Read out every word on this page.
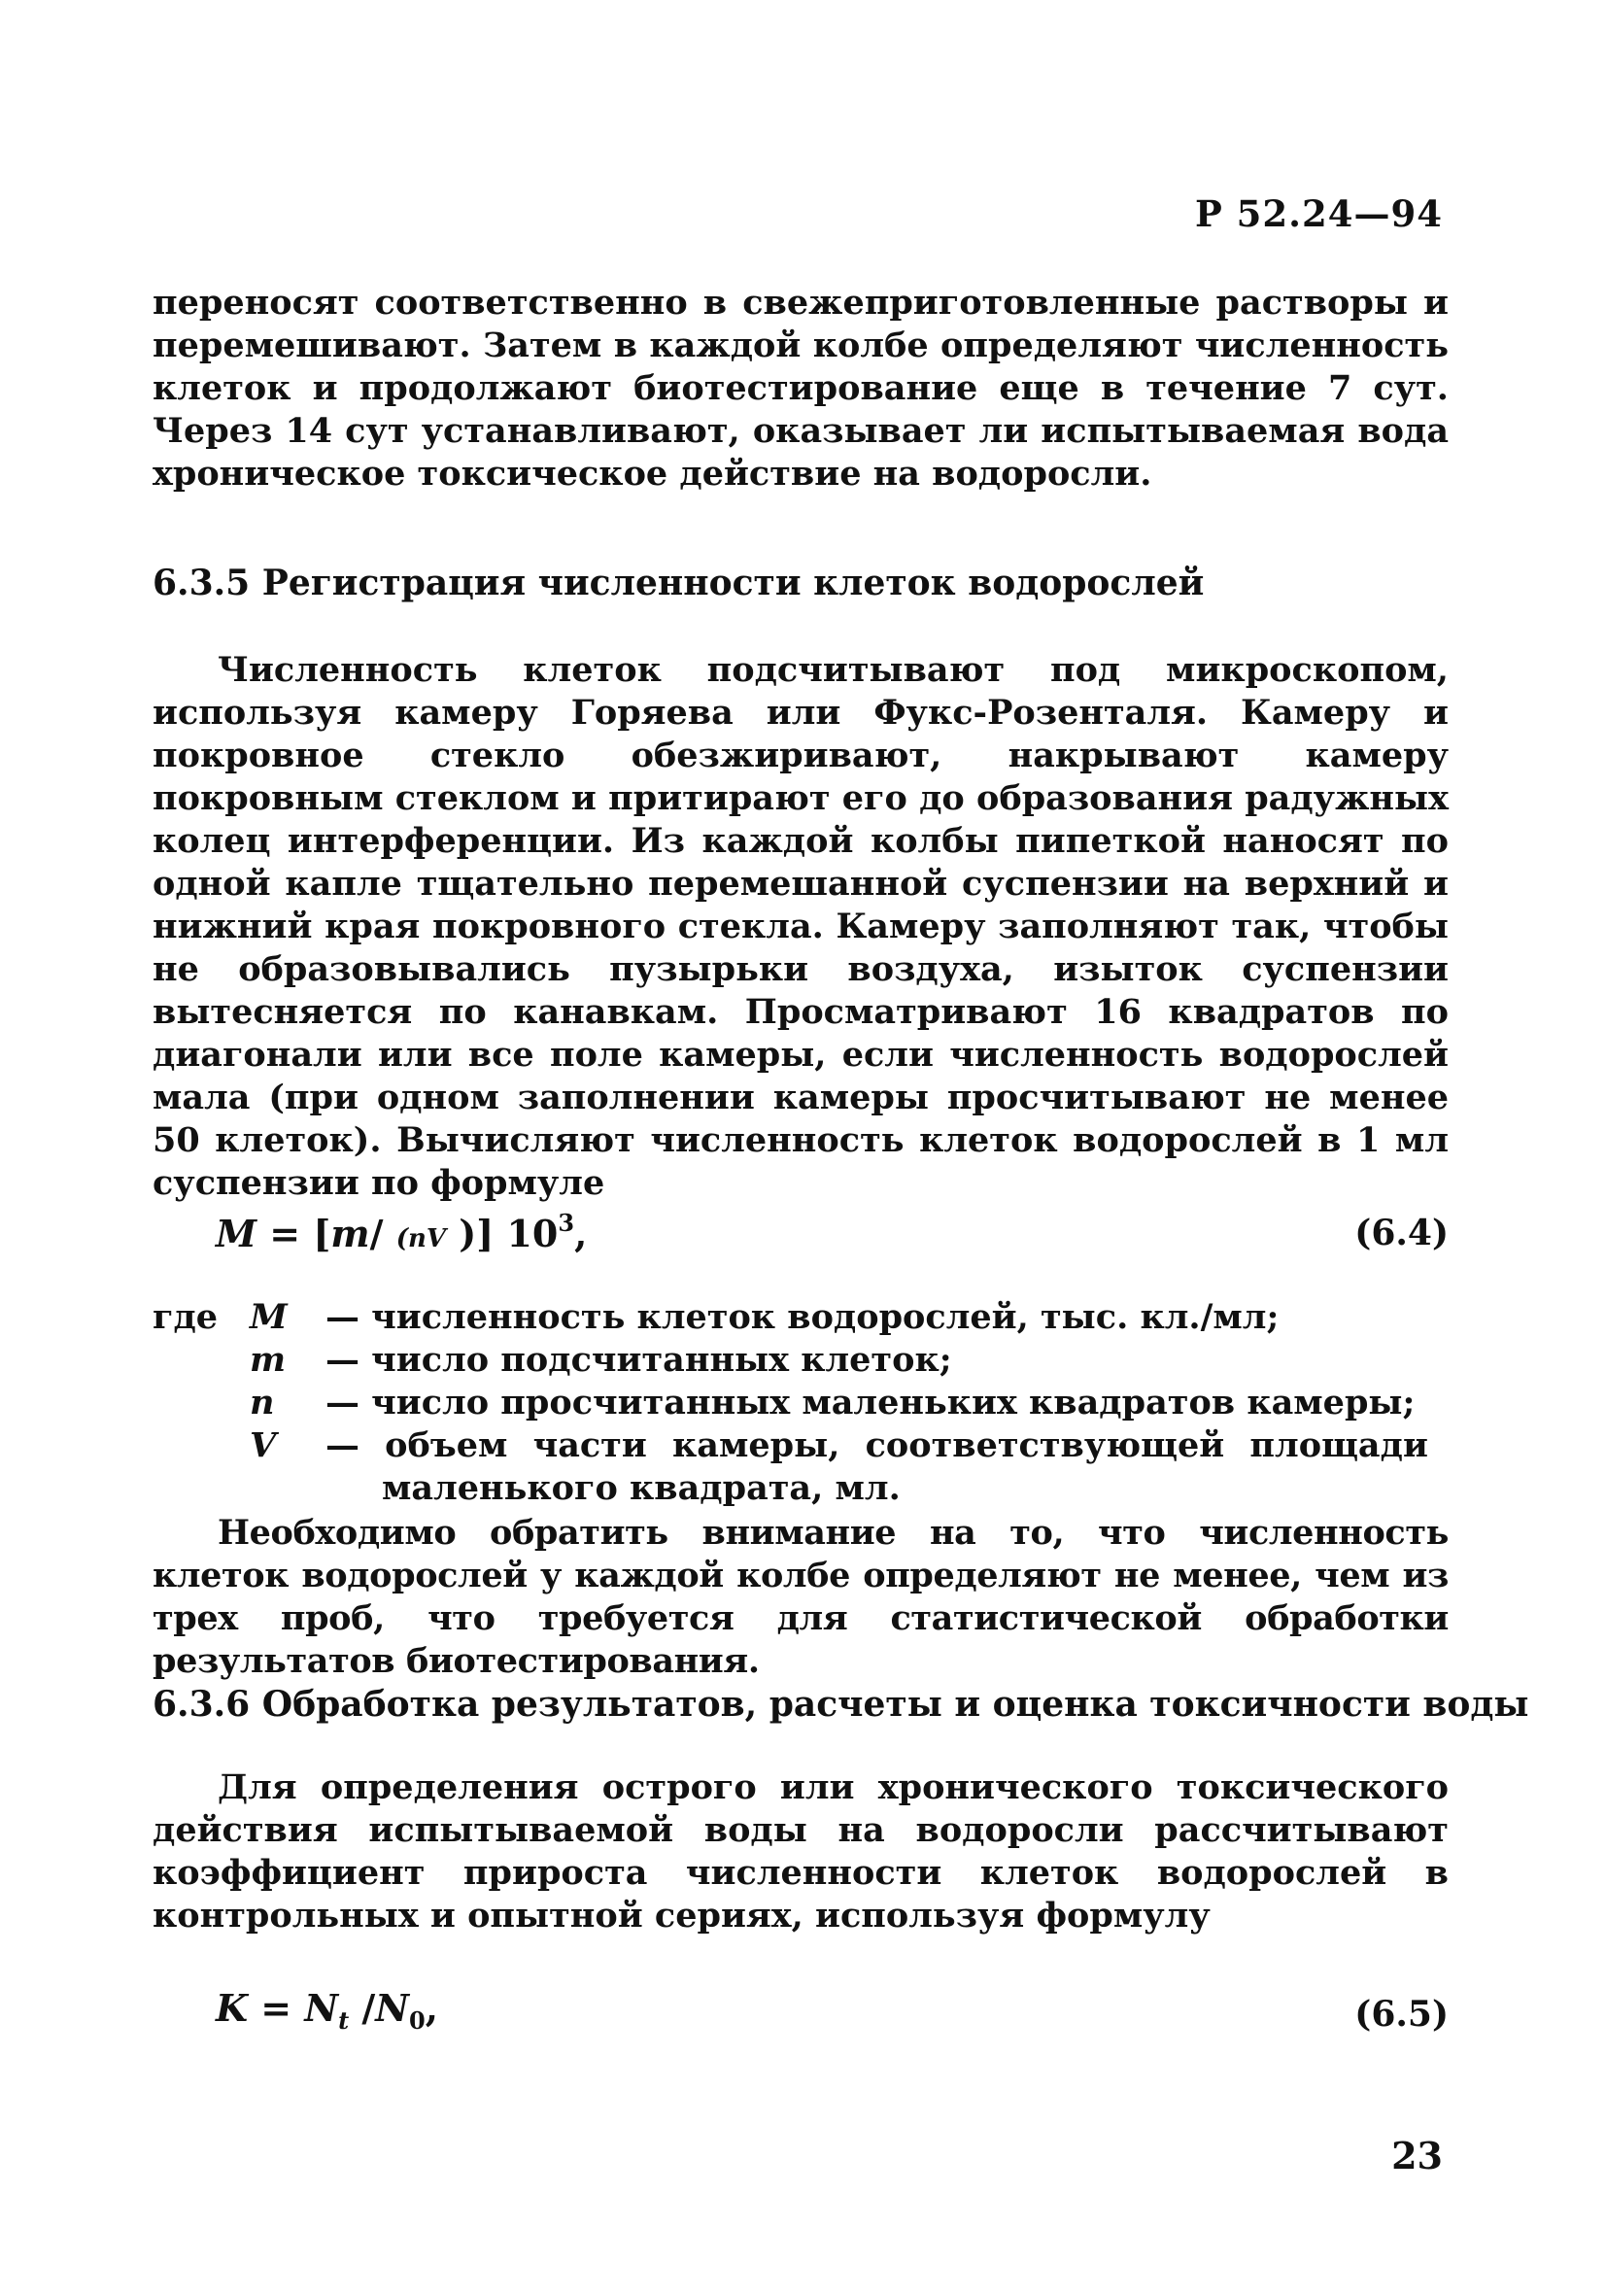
Р 52.24—94

переносят соответственно в свежеприготовленные растворы и перемешивают. Затем в каждой колбе определяют численность клеток и продолжают биотестирование еще в течение 7 сут. Через 14 сут устанавливают, оказывает ли испытываемая вода хроническое токсическое действие на водоросли.

6.3.5 Регистрация численности клеток водорослей

Численность клеток подсчитывают под микроскопом, используя камеру Горяева или Фукс-Розенталя. Камеру и покровное стекло обезжиривают, накрывают камеру покровным стеклом и притирают его до образования радужных колец интерференции. Из каждой колбы пипеткой наносят по одной капле тщательно перемешанной суспензии на верхний и нижний края покровного стекла. Камеру заполняют так, чтобы не образовывались пузырьки воздуха, изыток суспензии вытесняется по канавкам. Просматривают 16 квадратов по диагонали или все поле камеры, если численность водорослей мала (при одном заполнении камеры просчитывают не менее 50 клеток). Вычисляют численность клеток водорослей в 1 мл суспензии по формуле

M = [m/ (nV )] $10^3$,	(6.4)
где M — численность клеток водорослей, тыс. кл./мл;
m — число подсчитанных клеток;
n	— число просчитанных маленьких квадратов камеры;
V	— объем части камеры, соответствующей площади
маленького квадрата, мл.

Необходимо обратить внимание на то, что численность клеток водорослей у каждой колбе определяют не менее, чем из трех проб, что требуется для статистической обработки результатов биотестирования.

6.3.6 Обработка результатов, расчеты и оценка токсичности воды

Для определения острого или хронического токсического действия испытываемой воды на водоросли рассчитывают коэффициент прироста численности клеток водорослей в контрольных и опытной сериях, используя формулу

$K = N_t$ $/N_0$,	(6.5)
23
